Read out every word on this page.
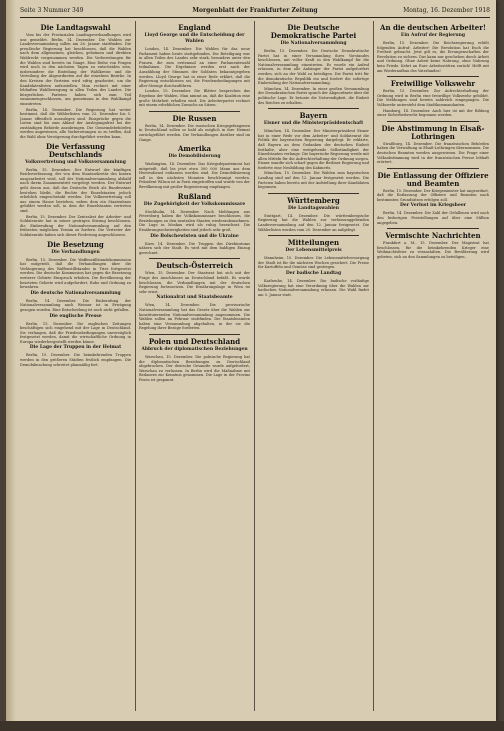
Seite 3 Nummer 349	Morgenblatt der Frankfurter Zeitung	Montag, 16. Dezember 1918
Die Landtagswahl
Vom bis der Provinzialen Landtagsverhandlungen wird uns gemeldet. Berlin, 14. Dezember. Die Wahlen zur Landesversammlung sollen am 26. Januar stattfinden. Die preußische Regierung hat beschlossen, daß die Wahlen nach dem allgemeinen, gleichen, geheimen und direkten Wahlrecht vorgenommen werden. Die Vorbereitungen für die Wahlen sind bereits im Gange. Eine Reihe von Fragen wird noch in den nächsten Tagen zu entscheiden sein, insbesondere die Einteilung der Wahlkreise und die Verteilung der Abgeordneten auf die einzelnen Bezirke. In den Kreisen der Parteien wird eifrig gearbeitet, um die Kandidatenlisten aufzustellen. Man rechnet mit einer lebhaften Wahlbewegung in allen Teilen des Landes. Die bürgerlichen Parteien haben sich zum Teil zusammengeschlossen, um gemeinsam in den Wahlkampf einzutreten.
Berlin, 14. Dezember. Die Regierung hat weiter bestimmt, daß die Wählerlisten vom 22. Dezember bis 5. Januar öffentlich auszulegen sind. Einsprüche gegen die Listen sind bis zum Ablauf der Auslegungsfrist bei der zuständigen Behörde anzubringen. Die Gemeindebehörden werden angewiesen, alle Vorbereitungen so zu treffen, daß die Wahl ohne Verzögerung durchgeführt werden kann.
Die Verfassung Deutschlands
Volksvertretung und Volksversammlung
Berlin, 15. Dezember. Der Entwurf der künftigen Reichsverfassung, der von dem Staatssekretär des Innern ausgearbeitet wird, soll der Nationalversammlung alsbald nach ihrem Zusammentritt vorgelegt werden. Der Entwurf geht davon aus, daß das Deutsche Reich als Bundesstaat bestehen bleibt, die Rechte der Einzelstaaten jedoch erheblich eingeschränkt werden. Die Volksvertretung soll aus einem Hause bestehen, neben dem ein Staatenhaus gebildet werden soll, in dem die Einzelstaaten vertreten sind.
Berlin, 15. Dezember. Der Zentralrat der Arbeiter- und Soldatenräte hat in seiner gestrigen Sitzung beschlossen, die Einberufung der Nationalversammlung auf den frühesten möglichen Termin zu fordern. Die Vertreter der Soldatenräte haben sich dieser Forderung angeschlossen.
Die Besetzung
Die Verhandlungen
Berlin, 15. Dezember. Die Waffenstillstandskommission hat mitgeteilt, daß die Verhandlungen über die Verlängerung des Waffenstillstandes in Trier fortgesetzt werden. Die deutsche Kommission hat gegen die Besetzung weiterer Gebiete Einspruch erhoben. Die Bevölkerung der besetzten Gebiete wird aufgefordert, Ruhe und Ordnung zu bewahren.
Die deutsche Nationalversammlung
Berlin, 14. Dezember. Die Einberufung der Nationalversammlung nach Weimar ist in Erwägung gezogen worden. Eine Entscheidung ist noch nicht gefallen.
Die englische Presse
Berlin, 15. Dezember. Die englischen Zeitungen beschäftigen sich eingehend mit der Lage in Deutschland. Sie verlangen, daß die Friedensbedingungen unverzüglich festgesetzt werden, damit die wirtschaftliche Ordnung in Europa wiederhergestellt werden könne.
Die Lage der Truppen in der Heimat
Berlin, 15. Dezember. Die heimkehrenden Truppen werden in den größeren Städten festlich empfangen. Die Demobilmachung schreitet planmäßig fort.
England
Lloyd George und die Entscheidung der Wahlen
London, 14. Dezember. Die Wahlen für das neue Parlament haben heute stattgefunden. Die Beteiligung war in allen Teilen des Landes sehr stark, besonders unter den Frauen, die zum erstenmal an einer Parlamentswahl teilnahmen. Die Ergebnisse werden erst nach der Auszählung der Stimmen der Soldaten bekanntgegeben werden. Lloyd George hat in einer Rede erklärt, daß die Regierung entschlossen sei, die Friedensbedingungen mit aller Strenge durchzuführen.
London, 15. Dezember. Die Blätter besprechen das Ergebnis der Wahlen. Man nimmt an, daß die Koalition eine große Mehrheit erhalten wird. Die Arbeiterpartei rechnet mit einem erheblichen Zuwachs an Sitzen.
Die Russen
Berlin, 14. Dezember. Die russischen Kriegsgefangenen in Deutschland sollen so bald als möglich in ihre Heimat zurückgeführt werden. Die Verhandlungen darüber sind im Gange.
Amerika
Die Demobilisierung
Washington, 14. Dezember. Das Kriegsdepartement hat mitgeteilt, daß bis jetzt etwa 300 000 Mann aus dem Heeresdienst entlassen worden sind. Die Demobilisierung soll in den nächsten Monaten beschleunigt werden. Präsident Wilson ist in Paris eingetroffen und wurde von der Bevölkerung mit großer Begeisterung empfangen.
Rußland
Die Zugehörigkeit der Volkskommissare
Stockholm, 14. Dezember. Nach Meldungen aus Petersburg haben die Volkskommissare beschlossen, die Beziehungen zu den neutralen Staaten wiederaufzunehmen. Die Lage in Moskau wird als ruhig bezeichnet. Die Ernährungsschwierigkeiten sind jedoch sehr groß.
Die Bolschewisten und die Ukraine
Kiew, 14. Dezember. Die Truppen des Direktoriums nähern sich der Stadt. Es wird mit dem baldigen Einzug gerechnet.
Deutsch-Österreich
Wien, 15. Dezember. Der Staatsrat hat sich mit der Frage des Anschlusses an Deutschland befaßt. Es wurde beschlossen, die Verhandlungen mit der deutschen Regierung fortzusetzen. Die Ernährungslage in Wien ist sehr ernst.
Nationalrat und Staatsbeamte
Wien, 14. Dezember. Die provisorische Nationalversammlung hat das Gesetz über die Wahlen zur konstituierenden Nationalversammlung angenommen. Die Wahlen sollen im Februar stattfinden. Die Staatsbeamten haben eine Versammlung abgehalten, in der sie die Regelung ihrer Bezüge forderten.
Polen und Deutschland
Abbruch der diplomatischen Beziehungen
Warschau, 15. Dezember. Die polnische Regierung hat die diplomatischen Beziehungen zu Deutschland abgebrochen. Der deutsche Gesandte wurde aufgefordert, Warschau zu verlassen. In Berlin wird die Maßnahme mit Bedauern zur Kenntnis genommen. Die Lage in der Provinz Posen ist gespannt.
Die Deutsche Demokratische Partei
Die Nationalversammlung
Berlin, 15. Dezember. Die Deutsche Demokratische Partei hat in einer Versammlung ihres Vorstandes beschlossen, mit voller Kraft in den Wahlkampf für die Nationalversammlung einzutreten. Es wurde ein Aufruf erlassen, in dem alle Anhänger der Partei aufgefordert werden, sich an der Wahl zu beteiligen. Die Partei tritt für die demokratische Republik ein und fordert die sofortige Einberufung der Nationalversammlung.
München, 14. Dezember. In einer großen Versammlung der Demokratischen Partei sprach der Abgeordnete über die politische Lage. Er betonte die Notwendigkeit, die Einheit des Reiches zu erhalten.
Bayern
Eisner und die Ministerpräsidentschaft
München, 14. Dezember. Der Ministerpräsident Eisner hat in einer Rede vor dem Arbeiter- und Soldatenrat die Politik der bayerischen Regierung dargelegt. Er erklärte, daß Bayern an dem Gedanken der deutschen Einheit festhalte, aber eine weitgehende Selbständigkeit der Einzelstaaten verlange. Die bayerische Regierung werde mit allen Mitteln für die Aufrechterhaltung der Ordnung sorgen. Eisner wandte sich scharf gegen die Berliner Regierung und forderte eine Neubildung des Kabinetts.
München, 15. Dezember. Die Wahlen zum bayerischen Landtag sind auf den 12. Januar festgesetzt worden. Die Parteien haben bereits mit der Aufstellung ihrer Kandidaten begonnen.
Württemberg
Die Landtagswahlen
Stuttgart, 14. Dezember. Die württembergische Regierung hat die Wahlen zur verfassunggebenden Landesversammlung auf den 12. Januar festgesetzt. Die Wählerlisten werden vom 20. Dezember an aufgelegt.
Mitteilungen
Der Lebensmittelpreis
Mannheim, 15. Dezember. Die Lebensmittelversorgung der Stadt ist für die nächsten Wochen gesichert. Die Preise für Kartoffeln und Gemüse sind gestiegen.
Der badische Landtag
Karlsruhe, 14. Dezember. Die badische vorläufige Volksregierung hat eine Verordnung über die Wahlen zur badischen Nationalversammlung erlassen. Die Wahl findet am 5. Januar statt.
An die deutschen Arbeiter!
Ein Aufruf der Regierung
Berlin, 15. Dezember. Die Reichsregierung erläßt folgenden Aufruf: Arbeiter! Die Revolution hat Euch die Freiheit gebracht. Jetzt gilt es, die Errungenschaften der Revolution zu sichern. Das kann nur geschehen durch Arbeit und Ordnung. Ohne Arbeit keine Nahrung, ohne Nahrung kein Friede. Kehrt an Eure Arbeitsstätten zurück! Helft mit am Wiederaufbau des Vaterlandes!
Freiwillige Volkswehr
Berlin, 15. Dezember. Zur Aufrechterhaltung der Ordnung wird in Berlin eine freiwillige Volkswehr gebildet. Die Meldungen sind bereits zahlreich eingegangen. Die Volkswehr untersteht dem Stadtkommandanten.
Hamburg, 14. Dezember. Auch hier ist mit der Bildung einer Sicherheitswehr begonnen worden.
Die Abstimmung in Elsaß-Lothringen
Straßburg, 14. Dezember. Die französischen Behörden haben die Verwaltung in Elsaß-Lothringen übernommen. Die deutschen Beamten werden ausgewiesen. Die Frage einer Volksabstimmung wird in der französischen Presse lebhaft erörtert.
Die Entlassung der Offiziere und Beamten
Berlin, 15. Dezember. Der Kriegsminister hat angeordnet, daß die Entlassung der Offiziere und Beamten nach bestimmten Grundsätzen erfolgen soll.
Der Verlust im Kriegsheer
Berlin, 14. Dezember. Die Zahl der Gefallenen wird nach den bisherigen Feststellungen auf über eine Million angegeben.
Vermischte Nachrichten
Frankfurt a. M., 15. Dezember. Der Magistrat hat beschlossen, für die heimkehrenden Krieger eine Weihnachtsfeier zu veranstalten. Die Bevölkerung wird gebeten, sich an den Sammlungen zu beteiligen.
